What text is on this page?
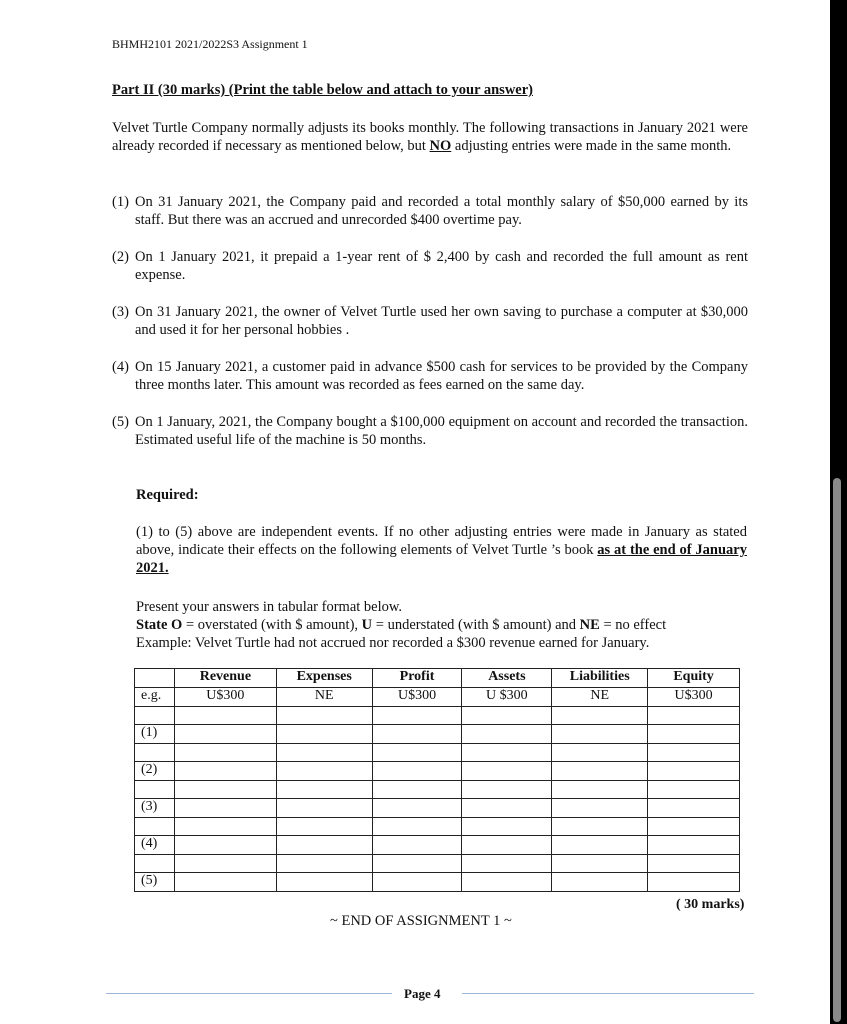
BHMH2101 2021/2022S3 Assignment 1
Part II (30 marks) (Print the table below and attach to your answer)
Velvet Turtle Company normally adjusts its books monthly. The following transactions in January 2021 were already recorded if necessary as mentioned below, but NO adjusting entries were made in the same month.
(1) On 31 January 2021, the Company paid and recorded a total monthly salary of $50,000 earned by its staff. But there was an accrued and unrecorded $400 overtime pay.
(2) On 1 January 2021, it prepaid a 1-year rent of $ 2,400 by cash and recorded the full amount as rent expense.
(3) On 31 January 2021, the owner of Velvet Turtle used her own saving to purchase a computer at $30,000 and used it for her personal hobbies .
(4) On 15 January 2021, a customer paid in advance $500 cash for services to be provided by the Company three months later. This amount was recorded as fees earned on the same day.
(5) On 1 January, 2021, the Company bought a $100,000 equipment on account and recorded the transaction. Estimated useful life of the machine is 50 months.
Required:
(1) to (5) above are independent events. If no other adjusting entries were made in January as stated above, indicate their effects on the following elements of Velvet Turtle ’s book as at the end of January 2021.
Present your answers in tabular format below.
State O = overstated (with $ amount), U = understated (with $ amount) and NE = no effect
Example: Velvet Turtle had not accrued nor recorded a $300 revenue earned for January.
	Revenue	Expenses	Profit	Assets	Liabilities	Equity
e.g.	U$300	NE	U$300	U $300	NE	U$300

(1)						

(2)						

(3)						

(4)						

(5)						
( 30 marks)
~ END OF ASSIGNMENT 1 ~
Page 4
